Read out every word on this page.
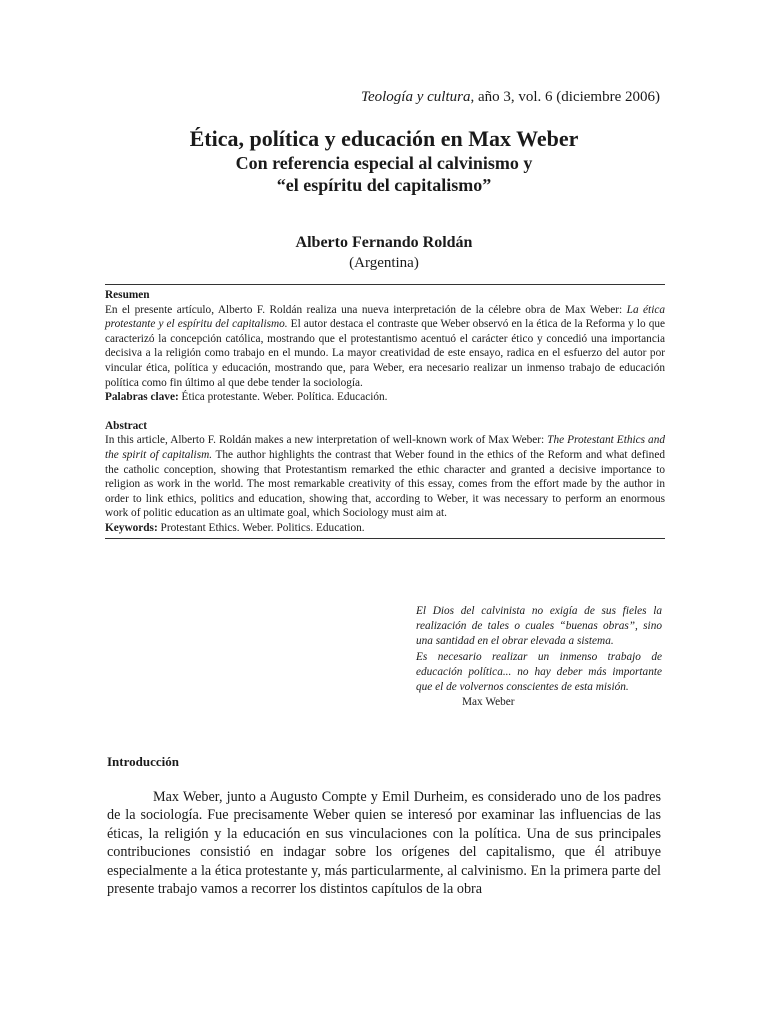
Teología y cultura, año 3, vol. 6 (diciembre 2006)
Ética, política y educación en Max Weber
Con referencia especial al calvinismo y
“el espíritu del capitalismo”
Alberto Fernando Roldán
(Argentina)
Resumen
En el presente artículo, Alberto F. Roldán realiza una nueva interpretación de la célebre obra de Max Weber: La ética protestante y el espíritu del capitalismo. El autor destaca el contraste que Weber observó en la ética de la Reforma y lo que caracterizó la concepción católica, mostrando que el protestantismo acentuó el carácter ético y concedió una importancia decisiva a la religión como trabajo en el mundo. La mayor creatividad de este ensayo, radica en el esfuerzo del autor por vincular ética, política y educación, mostrando que, para Weber, era necesario realizar un inmenso trabajo de educación política como fin último al que debe tender la sociología.
Palabras clave: Ética protestante. Weber. Política. Educación.
Abstract
In this article, Alberto F. Roldán makes a new interpretation of well-known work of Max Weber: The Protestant Ethics and the spirit of capitalism. The author highlights the contrast that Weber found in the ethics of the Reform and what defined the catholic conception, showing that Protestantism remarked the ethic character and granted a decisive importance to religion as work in the world. The most remarkable creativity of this essay, comes from the effort made by the author in order to link ethics, politics and education, showing that, according to Weber, it was necessary to perform an enormous work of politic education as an ultimate goal, which Sociology must aim at.
Keywords: Protestant Ethics. Weber. Politics. Education.
El Dios del calvinista no exigía de sus fieles la realización de tales o cuales “buenas obras”, sino una santidad en el obrar elevada a sistema.
Es necesario realizar un inmenso trabajo de educación política... no hay deber más importante que el de volvernos conscientes de esta misión.
Max Weber
Introducción

Max Weber, junto a Augusto Compte y Emil Durheim, es considerado uno de los padres de la sociología. Fue precisamente Weber quien se interesó por examinar las influencias de las éticas, la religión y la educación en sus vinculaciones con la política. Una de sus principales contribuciones consistió en indagar sobre los orígenes del capitalismo, que él atribuye especialmente a la ética protestante y, más particularmente, al calvinismo. En la primera parte del presente trabajo vamos a recorrer los distintos capítulos de la obra
